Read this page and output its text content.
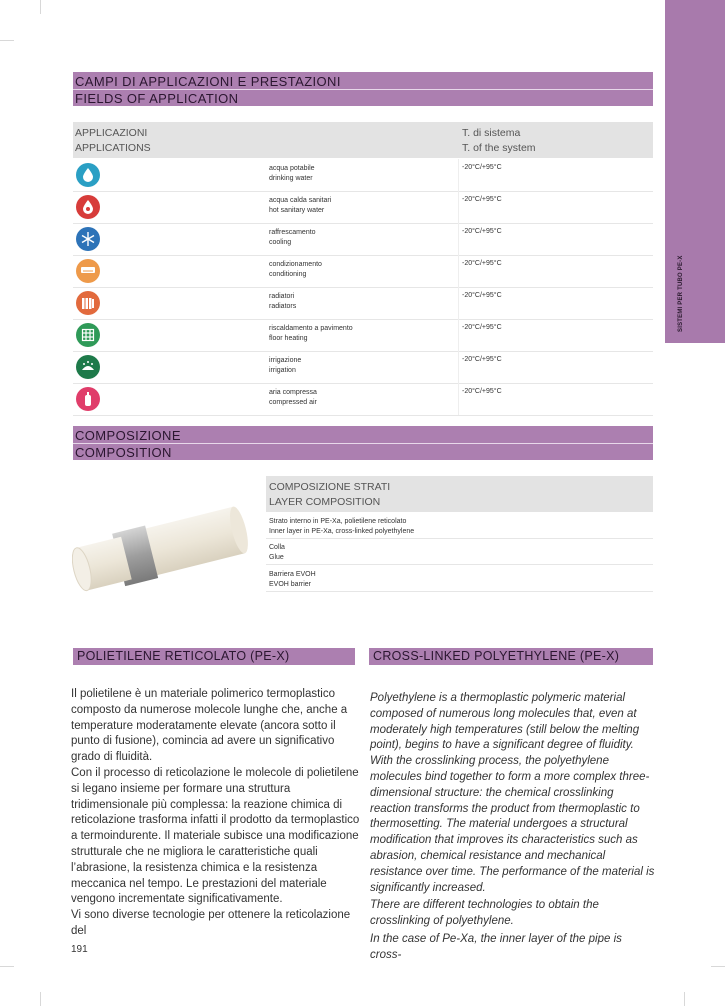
SISTEMI PER TUBO PE-X
CAMPI DI APPLICAZIONI E PRESTAZIONI
FIELDS OF APPLICATION
APPLICAZIONI
APPLICATIONS
T. di sistema
T. of the system
acqua potabile
drinking water
-20°C/+95°C
acqua calda sanitari
hot sanitary water
-20°C/+95°C
raffrescamento
cooling
-20°C/+95°C
condizionamento
conditioning
-20°C/+95°C
radiatori
radiators
-20°C/+95°C
riscaldamento a pavimento
floor heating
-20°C/+95°C
irrigazione
irrigation
-20°C/+95°C
aria compressa
compressed air
-20°C/+95°C
COMPOSIZIONE
COMPOSITION
COMPOSIZIONE STRATI
LAYER COMPOSITION
Strato interno in PE-Xa, polietilene reticolato
Inner layer in PE-Xa, cross-linked polyethylene
Colla
Glue
Barriera EVOH
EVOH barrier
POLIETILENE RETICOLATO (PE-X)	CROSS-LINKED POLYETHYLENE (PE-X)

Il polietilene è un materiale polimerico termoplastico composto da numerose molecole lunghe che, anche a temperature moderatamente elevate (ancora sotto il punto di fusione), comincia ad avere un significativo grado di fluidità.

Con il processo di reticolazione le molecole di polietilene si legano insieme per formare una struttura tridimensionale più complessa: la reazione chimica di reticolazione trasforma infatti il prodotto da termoplastico a termoindurente. Il materiale subisce una modificazione strutturale che ne migliora le caratteristiche quali l’abrasione, la resistenza chimica e la resistenza meccanica nel tempo. Le prestazioni del materiale vengono incrementate significativamente.

Vi sono diverse tecnologie per ottenere la reticolazione del

Polyethylene is a thermoplastic polymeric material composed of numerous long molecules that, even at moderately high temperatures (still below the melting point), begins to have a significant degree of fluidity.

With the crosslinking process, the polyethylene molecules bind together to form a more complex three-dimensional structure: the chemical crosslinking reaction transforms the product from thermoplastic to thermosetting. The material undergoes a structural modification that improves its characteristics such as abrasion, chemical resistance and mechanical resistance over time. The performance of the material is significantly increased.

There are different technologies to obtain the crosslinking of polyethylene.

In the case of Pe-Xa, the inner layer of the pipe is cross-

191
